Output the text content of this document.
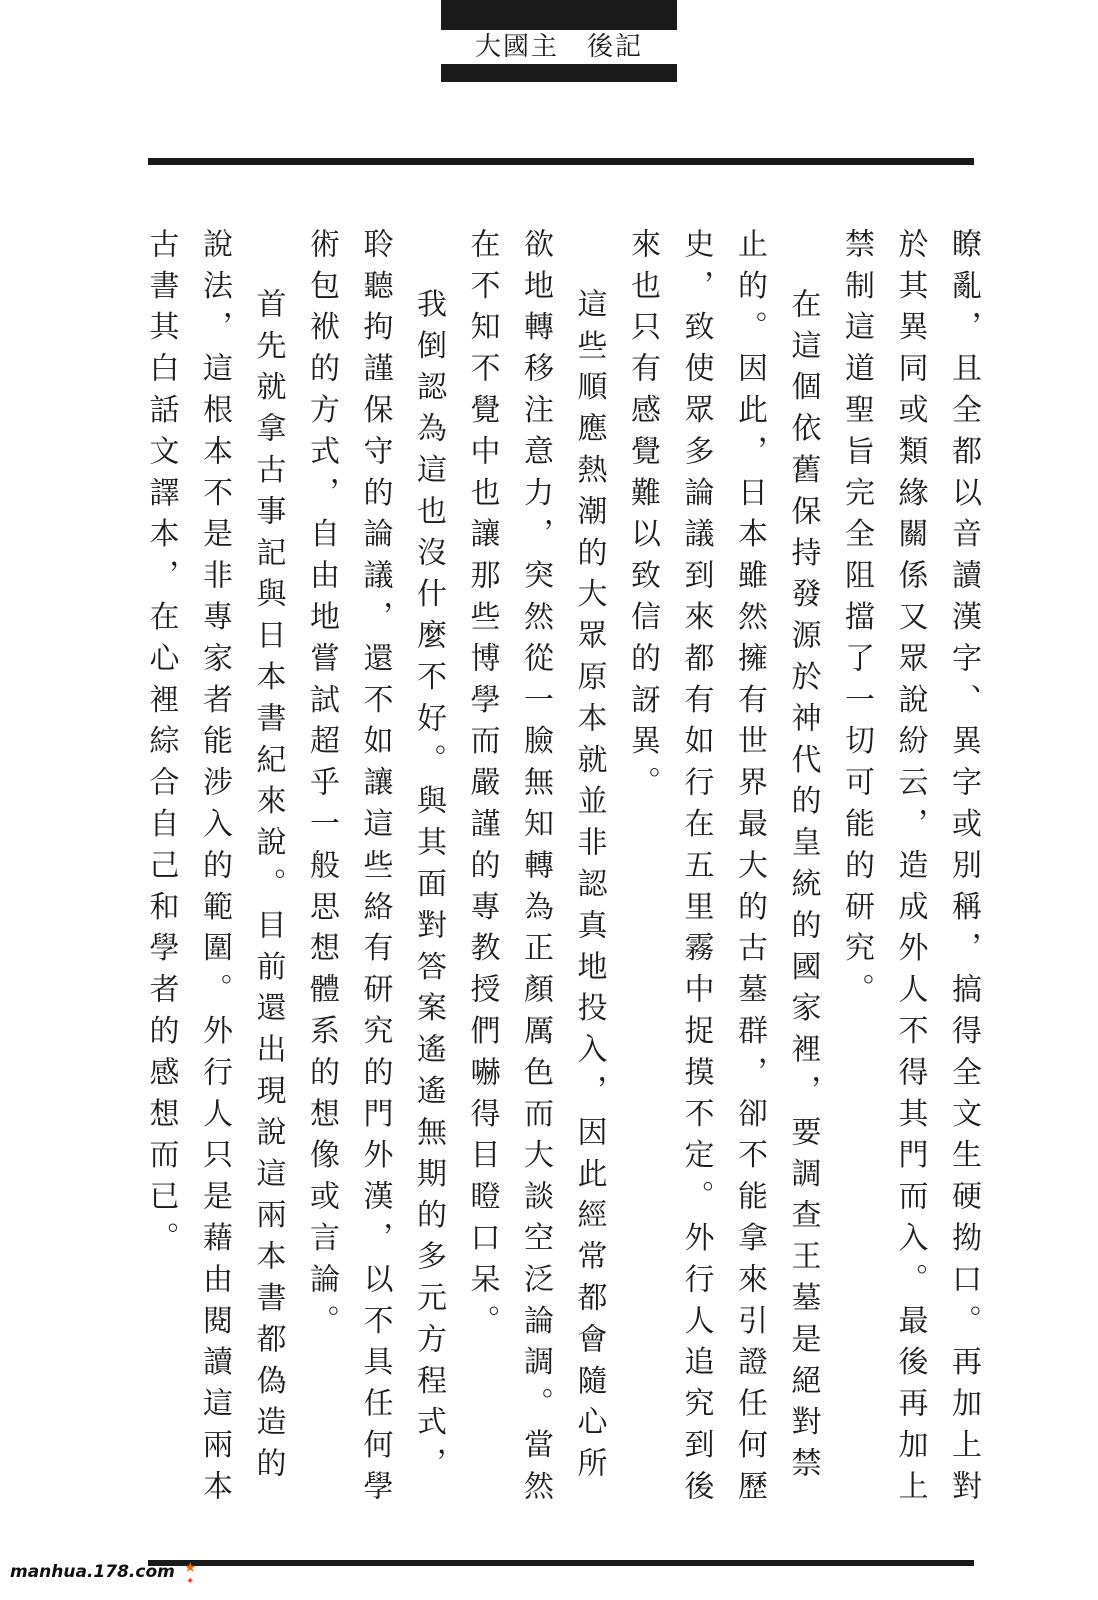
大國主　後記

瞭亂，且全都以音讀漢字、異字或別稱，搞得全文生硬拗口。再加上對於其異同或類緣關係又眾說紛云，造成外人不得其門而入。最後再加上禁制這道聖旨完全阻擋了一切可能的研究。

在這個依舊保持發源於神代的皇統的國家裡，要調查王墓是絕對禁止的。因此，日本雖然擁有世界最大的古墓群，卻不能拿來引證任何歷史，致使眾多論議到來都有如行在五里霧中捉摸不定。外行人追究到後來也只有感覺難以致信的訝異。

這些順應熱潮的大眾原本就並非認真地投入，因此經常都會隨心所欲地轉移注意力，突然從一臉無知轉為正顏厲色而大談空泛論調。當然在不知不覺中也讓那些博學而嚴謹的專教授們嚇得目瞪口呆。

我倒認為這也沒什麼不好。與其面對答案遙遙無期的多元方程式，聆聽拘謹保守的論議，還不如讓這些絡有研究的門外漢，以不具任何學術包袱的方式，自由地嘗試超乎一般思想體系的想像或言論。

首先就拿古事記與日本書紀來說。目前還出現說這兩本書都偽造的說法，這根本不是非專家者能涉入的範圍。外行人只是藉由閱讀這兩本古書其白話文譯本，在心裡綜合自己和學者的感想而已。

manhua.178.com ★
✦
